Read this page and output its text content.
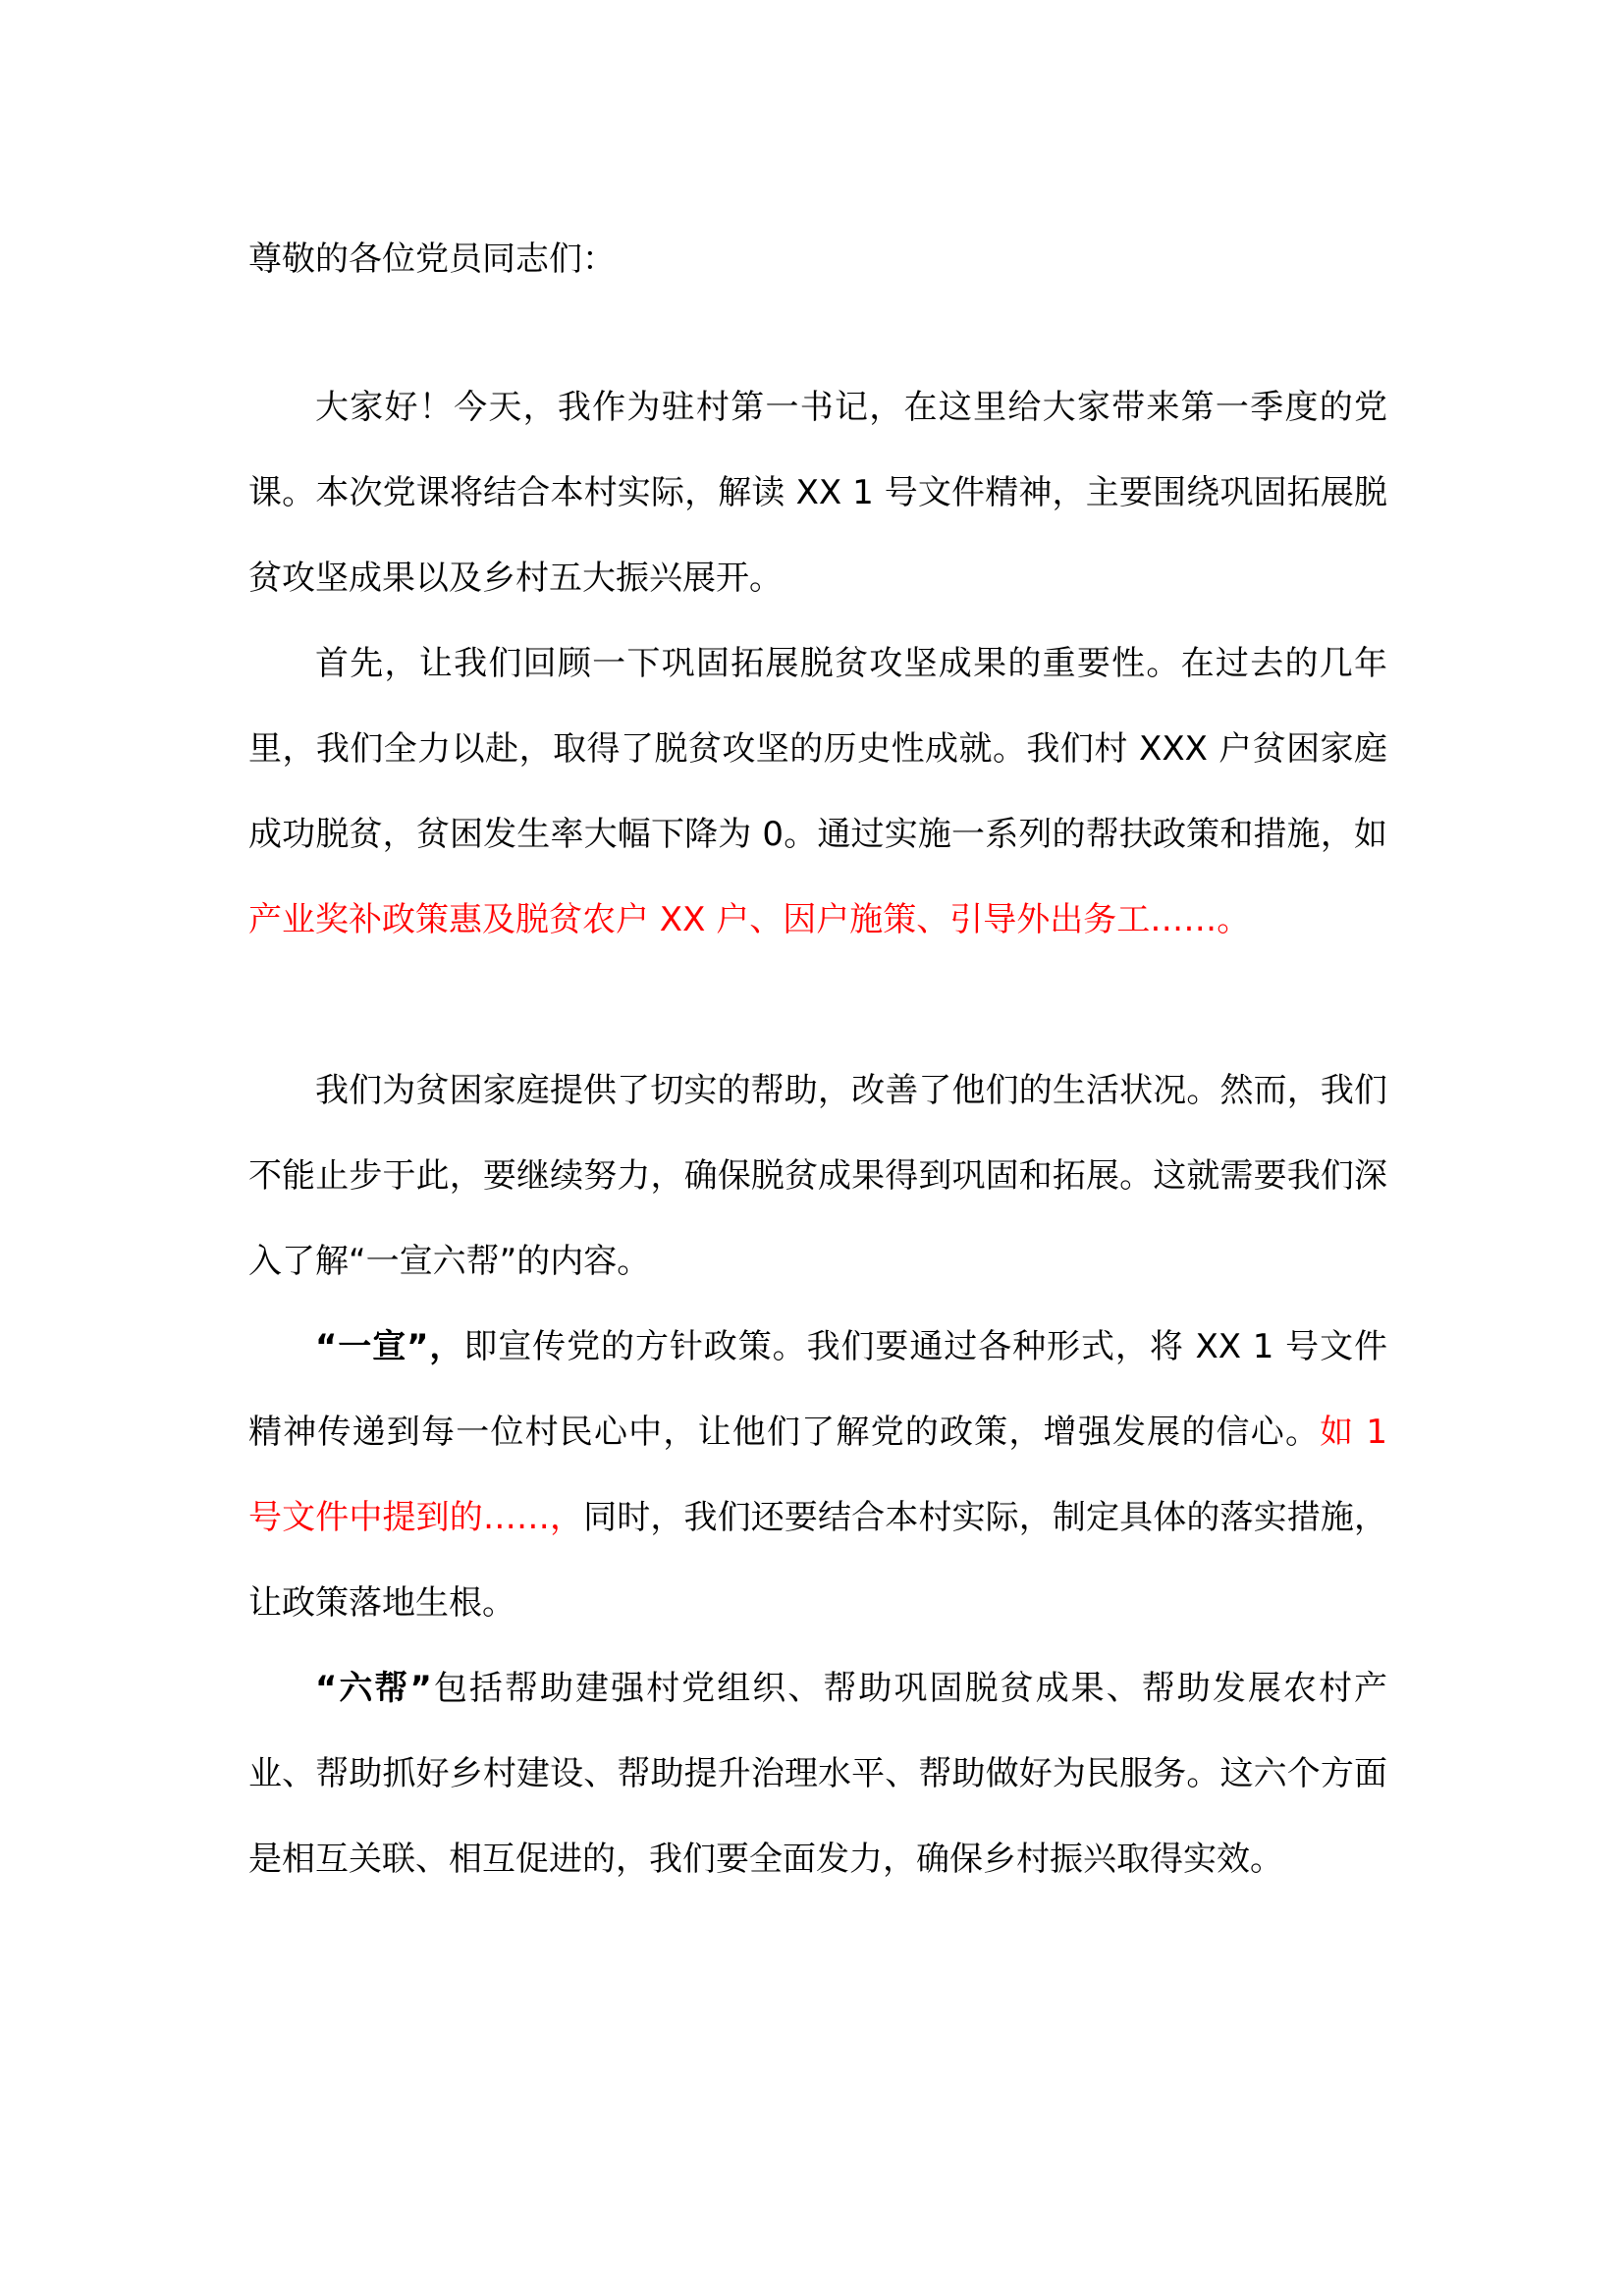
尊敬的各位党员同志们：

大家好！今天，我作为驻村第一书记，在这里给大家带来第一季度的党课。本次党课将结合本村实际，解读 XX 1 号文件精神，主要围绕巩固拓展脱贫攻坚成果以及乡村五大振兴展开。

首先，让我们回顾一下巩固拓展脱贫攻坚成果的重要性。在过去的几年里，我们全力以赴，取得了脱贫攻坚的历史性成就。我们村 XXX 户贫困家庭成功脱贫，贫困发生率大幅下降为 0。通过实施一系列的帮扶政策和措施，如产业奖补政策惠及脱贫农户 XX 户、因户施策、引导外出务工……。

我们为贫困家庭提供了切实的帮助，改善了他们的生活状况。然而，我们不能止步于此，要继续努力，确保脱贫成果得到巩固和拓展。这就需要我们深入了解“一宣六帮”的内容。

“一宣”，即宣传党的方针政策。我们要通过各种形式，将 XX 1 号文件精神传递到每一位村民心中，让他们了解党的政策，增强发展的信心。如 1 号文件中提到的……，同时，我们还要结合本村实际，制定具体的落实措施，让政策落地生根。

“六帮”包括帮助建强村党组织、帮助巩固脱贫成果、帮助发展农村产业、帮助抓好乡村建设、帮助提升治理水平、帮助做好为民服务。这六个方面是相互关联、相互促进的，我们要全面发力，确保乡村振兴取得实效。
